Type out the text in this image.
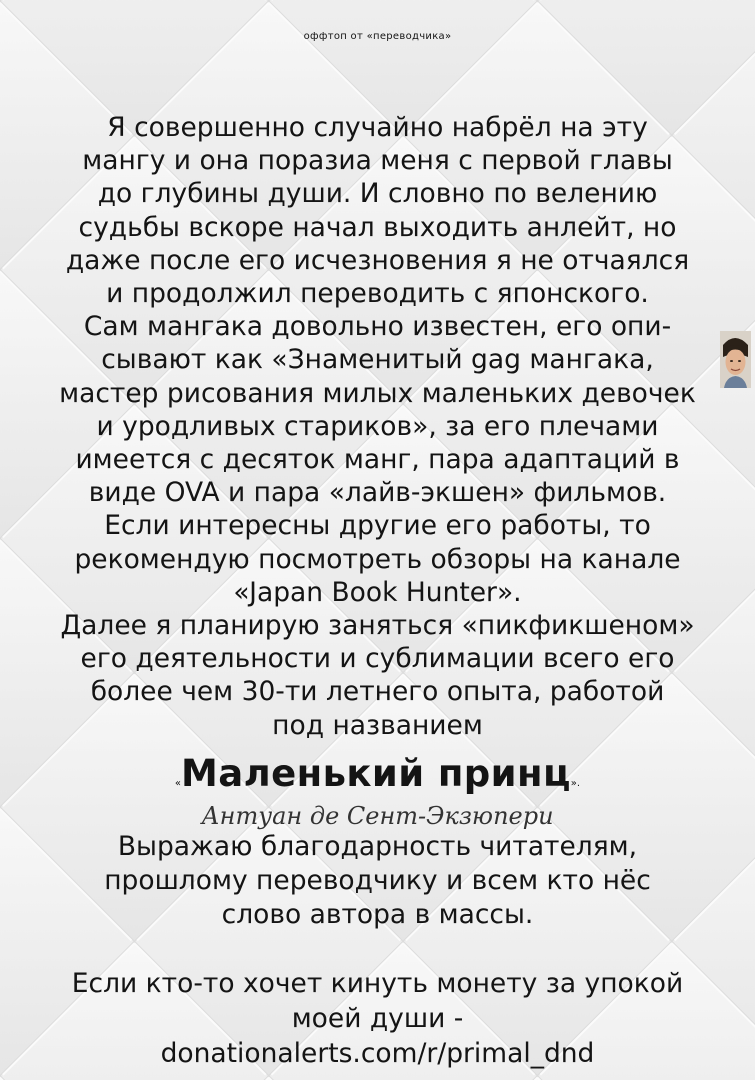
оффтоп от «переводчика»
Я совершенно случайно набрёл на эту
мангу и она поразиа меня с первой главы
до глубины души. И словно по велению
судьбы вскоре начал выходить анлейт, но
даже после его исчезновения я не отчаялся
и продолжил переводить с японского.
Сам мангака довольно известен, его опи-
сывают как «Знаменитый gag мангака,
мастер рисования милых маленьких девочек
и уродливых стариков», за его плечами
имеется с десяток манг, пара адаптаций в
виде OVA и пара «лайв-экшен» фильмов.
Если интересны другие его работы, то
рекомендую посмотреть обзоры на канале
«Japan Book Hunter».
Далее я планирую заняться «пикфикшеном»
его деятельности и сублимации всего его
более чем 30-ти летнего опыта, работой
под названием
«Маленький принц».
Антуан де Сент-Экзюпери
Выражаю благодарность читателям,
прошлому переводчику и всем кто нёс
слово автора в массы.
Если кто-то хочет кинуть монету за упокой
моей души -
donationalerts.com/r/primal_dnd
